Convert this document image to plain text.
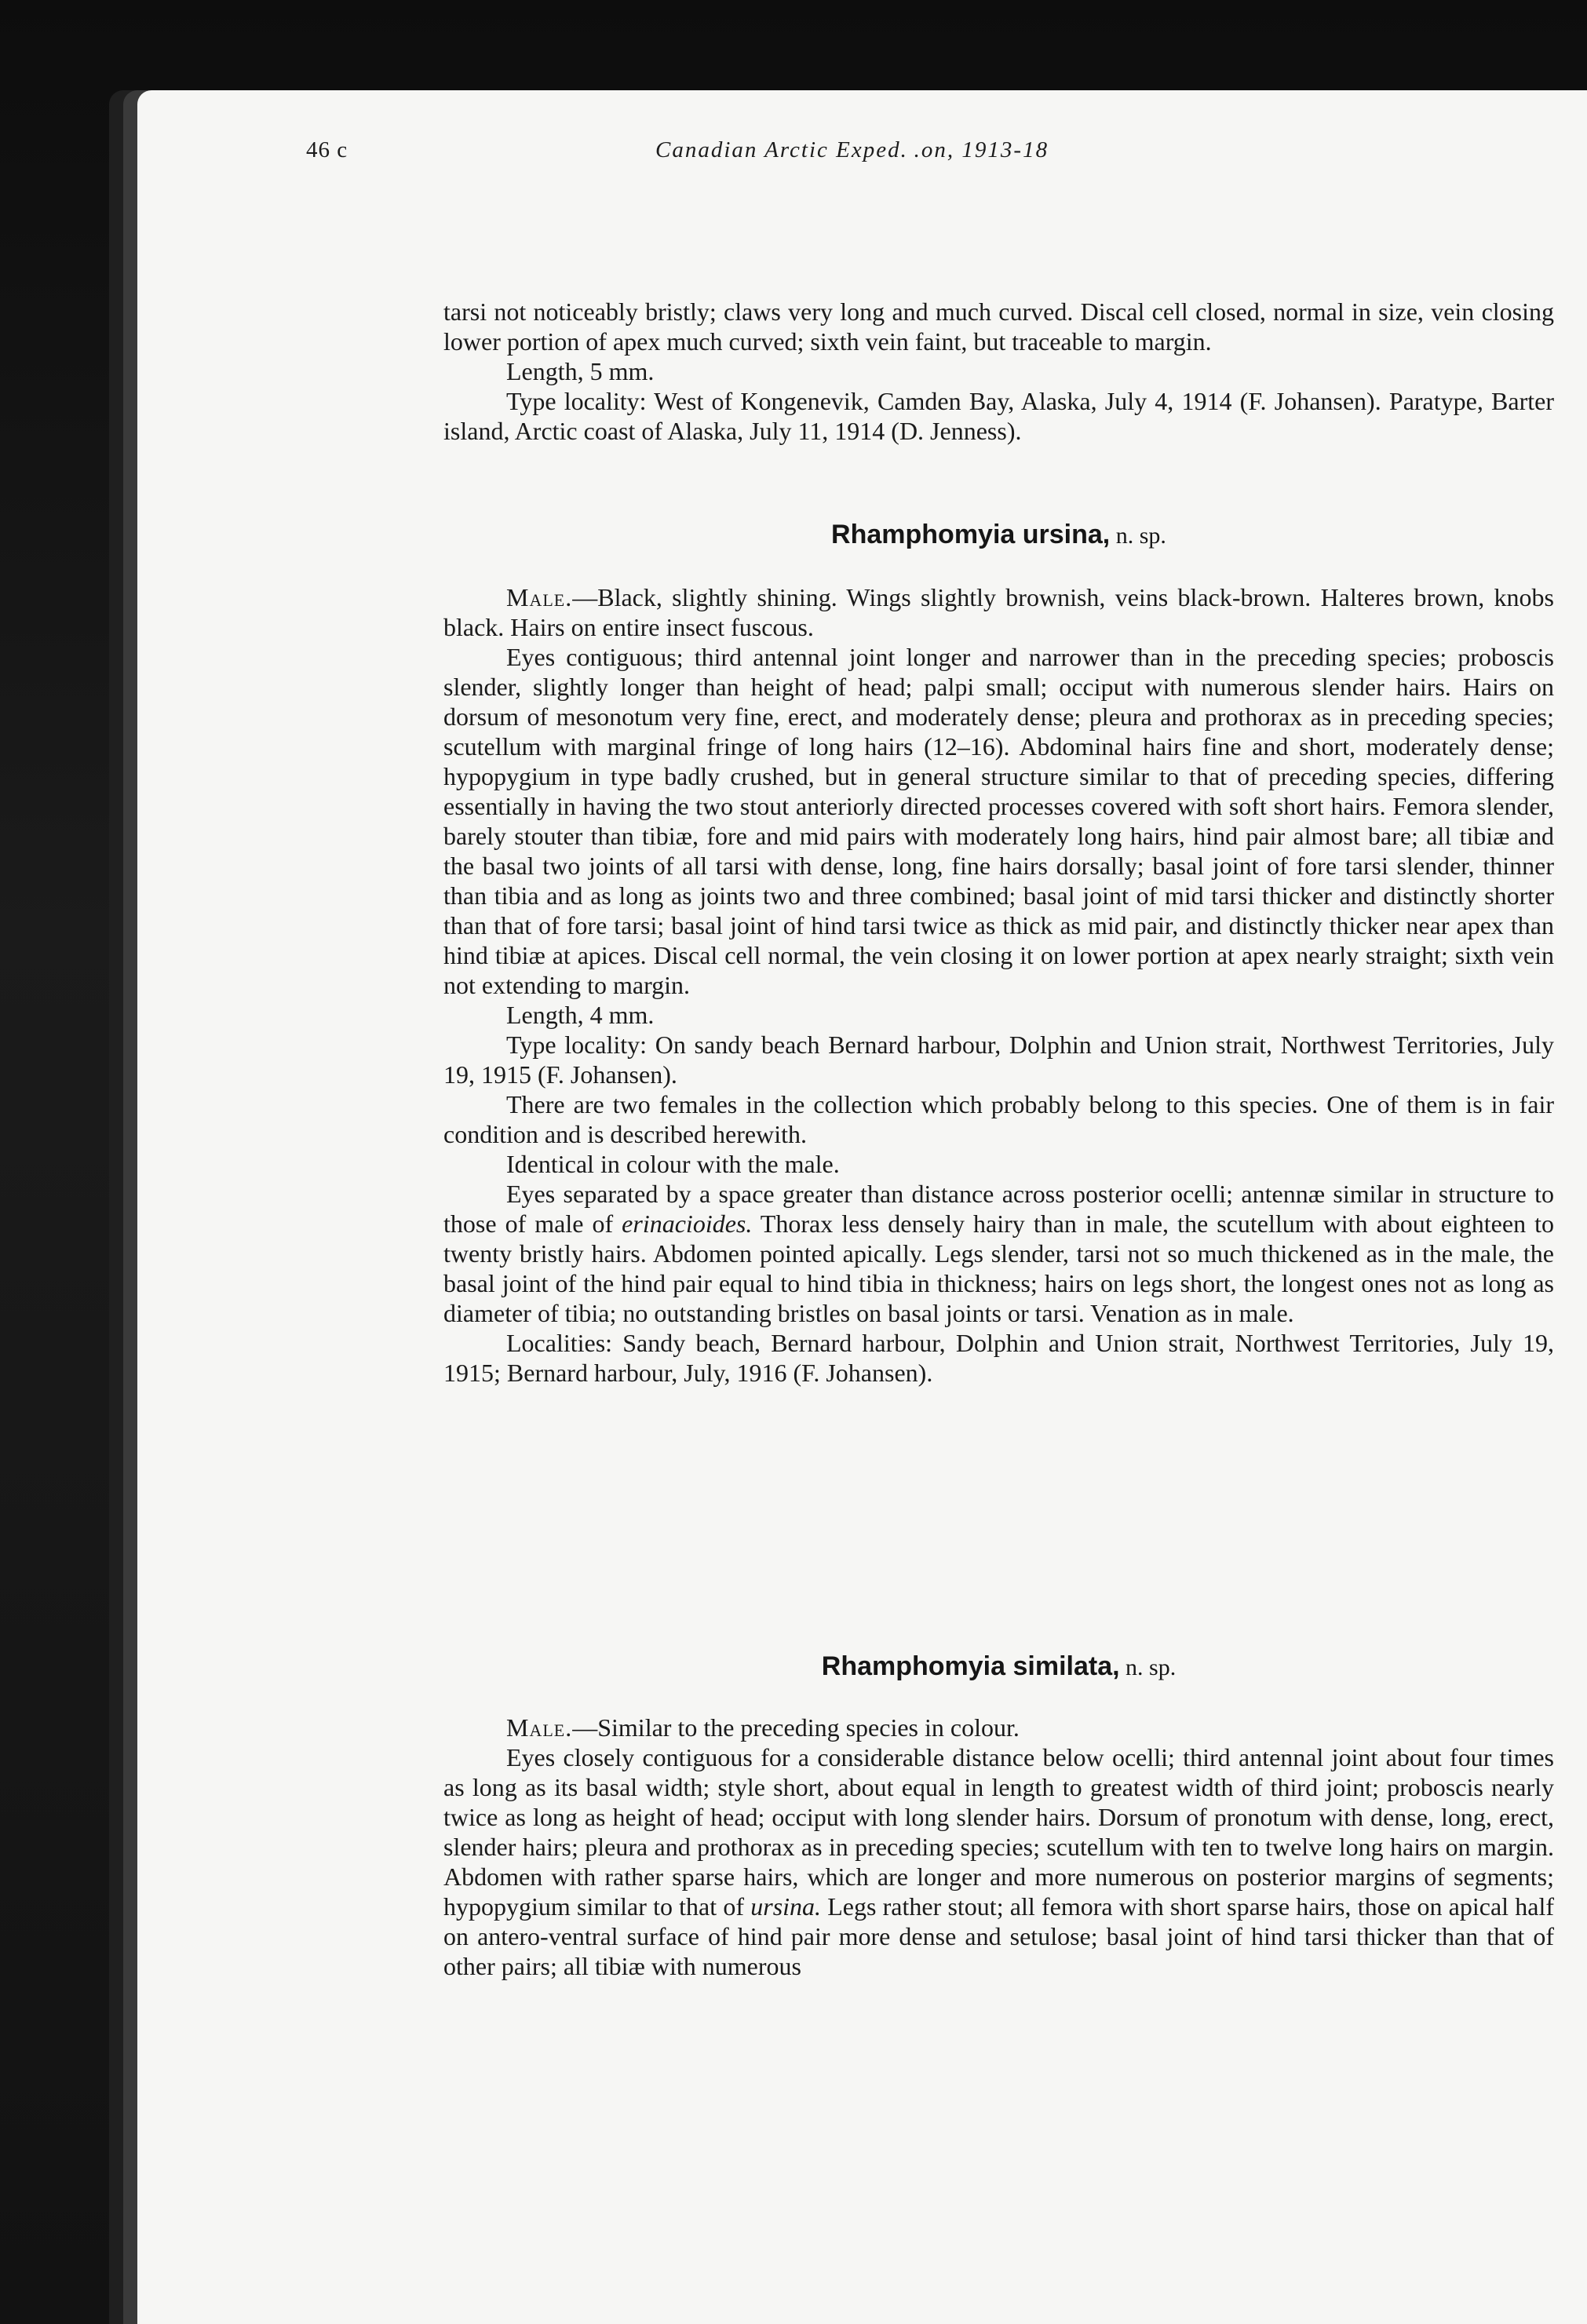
46 c	Canadian Arctic Exped. .on, 1913-18

tarsi not noticeably bristly; claws very long and much curved. Discal cell closed, normal in size, vein closing lower portion of apex much curved; sixth vein faint, but traceable to margin.

Length, 5 mm.

Type locality: West of Kongenevik, Camden Bay, Alaska, July 4, 1914 (F. Johansen). Paratype, Barter island, Arctic coast of Alaska, July 11, 1914 (D. Jenness).

Rhamphomyia ursina, n. sp.

Male.—Black, slightly shining. Wings slightly brownish, veins black-brown. Halteres brown, knobs black. Hairs on entire insect fuscous.

Eyes contiguous; third antennal joint longer and narrower than in the preceding species; proboscis slender, slightly longer than height of head; palpi small; occiput with numerous slender hairs. Hairs on dorsum of mesonotum very fine, erect, and moderately dense; pleura and prothorax as in preceding species; scutellum with marginal fringe of long hairs (12–16). Abdominal hairs fine and short, moderately dense; hypopygium in type badly crushed, but in general structure similar to that of preceding species, differing essentially in having the two stout anteriorly directed processes covered with soft short hairs. Femora slender, barely stouter than tibiæ, fore and mid pairs with moderately long hairs, hind pair almost bare; all tibiæ and the basal two joints of all tarsi with dense, long, fine hairs dorsally; basal joint of fore tarsi slender, thinner than tibia and as long as joints two and three combined; basal joint of mid tarsi thicker and distinctly shorter than that of fore tarsi; basal joint of hind tarsi twice as thick as mid pair, and distinctly thicker near apex than hind tibiæ at apices. Discal cell normal, the vein closing it on lower portion at apex nearly straight; sixth vein not extending to margin.

Length, 4 mm.

Type locality: On sandy beach Bernard harbour, Dolphin and Union strait, Northwest Territories, July 19, 1915 (F. Johansen).

There are two females in the collection which probably belong to this species. One of them is in fair condition and is described herewith.

Identical in colour with the male.

Eyes separated by a space greater than distance across posterior ocelli; antennæ similar in structure to those of male of erinacioides. Thorax less densely hairy than in male, the scutellum with about eighteen to twenty bristly hairs. Abdomen pointed apically. Legs slender, tarsi not so much thickened as in the male, the basal joint of the hind pair equal to hind tibia in thickness; hairs on legs short, the longest ones not as long as diameter of tibia; no outstanding bristles on basal joints or tarsi. Venation as in male.

Localities: Sandy beach, Bernard harbour, Dolphin and Union strait, Northwest Territories, July 19, 1915; Bernard harbour, July, 1916 (F. Johansen).

Rhamphomyia similata, n. sp.

Male.—Similar to the preceding species in colour.

Eyes closely contiguous for a considerable distance below ocelli; third antennal joint about four times as long as its basal width; style short, about equal in length to greatest width of third joint; proboscis nearly twice as long as height of head; occiput with long slender hairs. Dorsum of pronotum with dense, long, erect, slender hairs; pleura and prothorax as in preceding species; scutellum with ten to twelve long hairs on margin. Abdomen with rather sparse hairs, which are longer and more numerous on posterior margins of segments; hypopygium similar to that of ursina. Legs rather stout; all femora with short sparse hairs, those on apical half on antero-ventral surface of hind pair more dense and setulose; basal joint of hind tarsi thicker than that of other pairs; all tibiæ with numerous
